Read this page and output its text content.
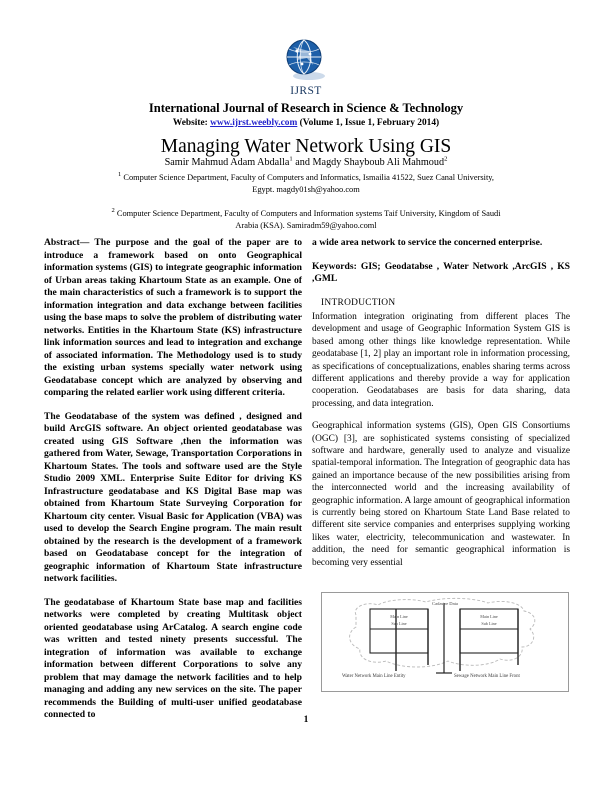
IJRST
International Journal of Research in Science & Technology
Website: www.ijrst.weebly.com (Volume 1, Issue 1, February 2014)
Managing Water Network Using GIS
Samir Mahmud Adam Abdalla$^1$ and Magdy Shayboub Ali Mahmoud$^2$
$^1$ Computer Science Department, Faculty of Computers and Informatics, Ismailia 41522, Suez Canal University,
Egypt. magdy01sh@yahoo.com
$^2$ Computer Science Department, Faculty of Computers and Information systems Taif University, Kingdom of Saudi
Arabia (KSA). Samiradm59@yahoo.coml

Abstract— The purpose and the goal of the paper are to introduce a framework based on onto Geographical information systems (GIS) to integrate geographic information of Urban areas taking Khartoum State as an example. One of the main characteristics of such a framework is to support the information integration and data exchange between facilities using the base maps to solve the problem of distributing water networks. Entities in the Khartoum State (KS) infrastructure link information sources and lead to integration and exchange of associated information. The Methodology used is to study the existing urban systems specially water network using Geodatabase concept which are analyzed by observing and comparing the related earlier work using different criteria.

The Geodatabase of the system was defined , designed and build ArcGIS software. An object oriented geodatabase was created using GIS Software ,then the information was gathered from Water, Sewage, Transportation Corporations in Khartoum States. The tools and software used are the Style Studio 2009 XML. Enterprise Suite Editor for driving KS Infrastructure geodatabase and KS Digital Base map was obtained from Khartoum State Surveying Corporation for Khartoum city center. Visual Basic for Application (VBA) was used to develop the Search Engine program. The main result obtained by the research is the development of a framework based on Geodatabase concept for the integration of geographic information of Khartoum State infrastructure network facilities.

The geodatabase of Khartoum State base map and facilities networks were completed by creating Multitask object oriented geodatabase using ArCatalog. A search engine code was written and tested ninety presents successful. The integration of information was available to exchange information between different Corporations to solve any problem that may damage the network facilities and to help managing and adding any new services on the site. The paper recommends the Building of multi-user unified geodatabase connected to

a wide area network to service the concerned enterprise.

Keywords: GIS; Geodatabse , Water Network ,ArcGIS , KS ,GML

INTRODUCTION

Information integration originating from different places The development and usage of Geographic Information System GIS is based among other things like knowledge representation. While geodatabase [1, 2] play an important role in information processing, as specifications of conceptualizations, enables sharing terms across different applications and thereby provide a way for application cooperation. Geodatabases are basis for data sharing, data processing, and data integration.

Geographical information systems (GIS), Open GIS Consortiums (OGC) [3], are sophisticated systems consisting of specialized software and hardware, generally used to analyze and visualize spatial-temporal information. The Integration of geographic data has gained an importance because of the new possibilities arising from the interconnected world and the increasing availability of geographic information. A large amount of geographical information is currently being stored on Khartoum State Land Base related to different site service companies and enterprises supplying working likes water, electricity, telecommunication and wastewater. In addition, the need for semantic geographical information is becoming very essential

Cadastre Data
Main Line
Sub Line
Main Line
Sub Line
Water Network Main Line Entity	Sewage Network Main Line Front
1
